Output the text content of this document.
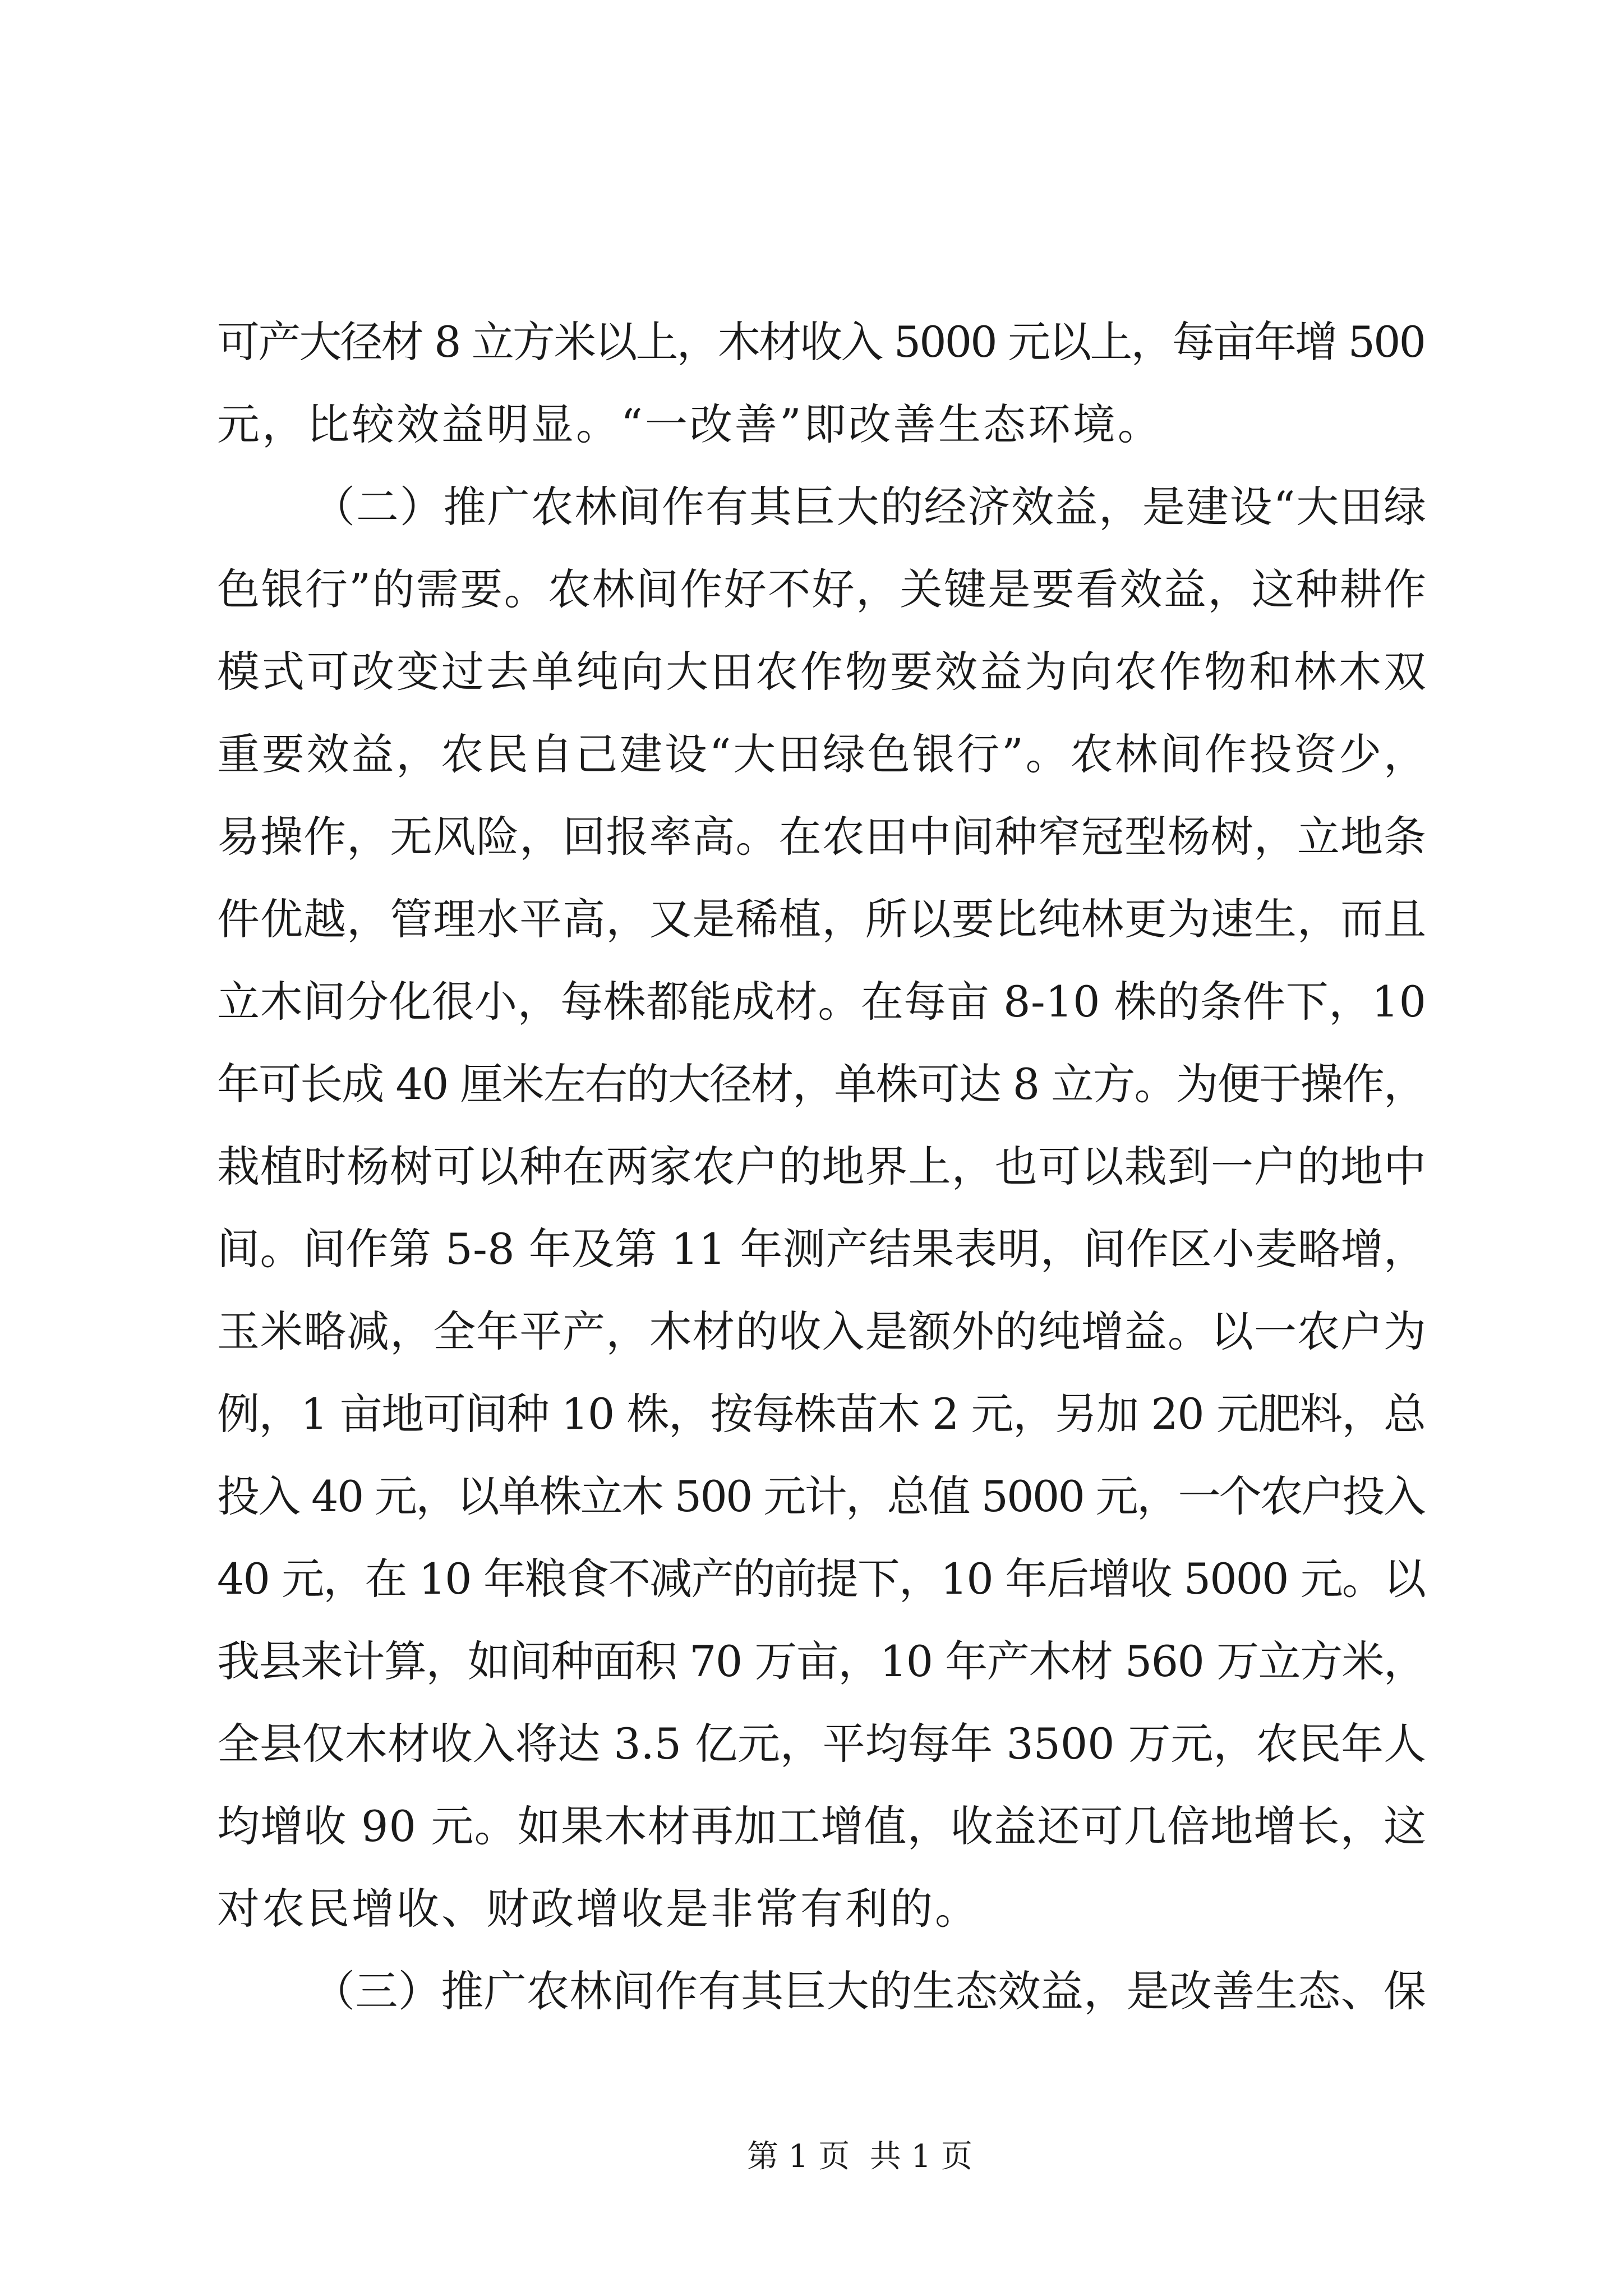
可产大径材 8 立方米以上，木材收入 5000 元以上，每亩年增 500
元，比较效益明显。“一改善”即改善生态环境。
（二）推广农林间作有其巨大的经济效益，是建设“大田绿
色银行”的需要。农林间作好不好，关键是要看效益，这种耕作
模式可改变过去单纯向大田农作物要效益为向农作物和林木双
重要效益，农民自己建设“大田绿色银行”。农林间作投资少，
易操作，无风险，回报率高。在农田中间种窄冠型杨树，立地条
件优越，管理水平高，又是稀植，所以要比纯林更为速生，而且
立木间分化很小，每株都能成材。在每亩 8-10 株的条件下，10
年可长成 40 厘米左右的大径材，单株可达 8 立方。为便于操作，
栽植时杨树可以种在两家农户的地界上，也可以栽到一户的地中
间。间作第 5-8 年及第 11 年测产结果表明，间作区小麦略增，
玉米略减，全年平产，木材的收入是额外的纯增益。以一农户为
例，1 亩地可间种 10 株，按每株苗木 2 元，另加 20 元肥料，总
投入 40 元，以单株立木 500 元计，总值 5000 元，一个农户投入
40 元，在 10 年粮食不减产的前提下，10 年后增收 5000 元。以
我县来计算，如间种面积 70 万亩，10 年产木材 560 万立方米，
全县仅木材收入将达 3.5 亿元，平均每年 3500 万元，农民年人
均增收 90 元。如果木材再加工增值，收益还可几倍地增长，这
对农民增收、财政增收是非常有利的。
（三）推广农林间作有其巨大的生态效益，是改善生态、保
第 1 页  共 1 页
